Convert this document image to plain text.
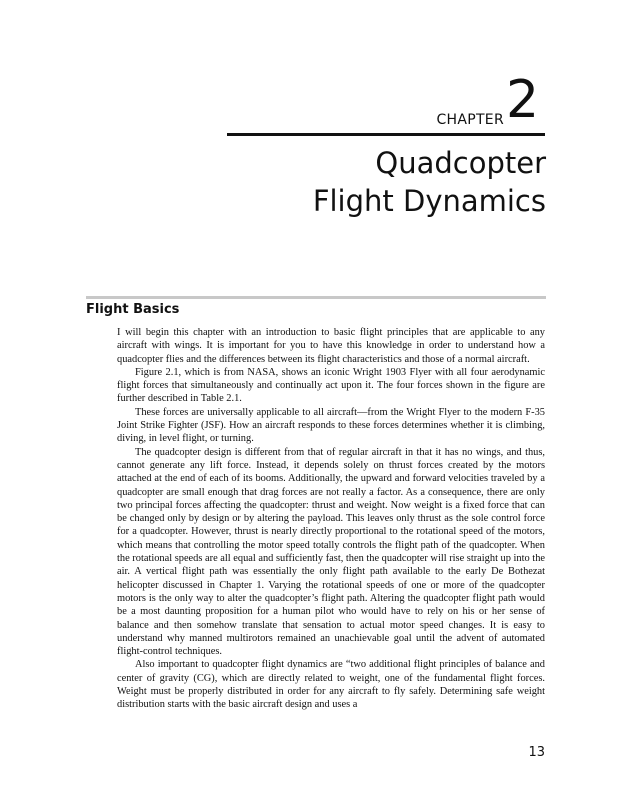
CHAPTER 2
Quadcopter
Flight Dynamics
Flight Basics

I will begin this chapter with an introduction to basic flight principles that are applicable to any aircraft with wings. It is important for you to have this knowledge in order to understand how a quadcopter flies and the differences between its flight characteristics and those of a normal aircraft.

Figure 2.1, which is from NASA, shows an iconic Wright 1903 Flyer with all four aerodynamic flight forces that simultaneously and continually act upon it. The four forces shown in the figure are further described in Table 2.1.

These forces are universally applicable to all aircraft—from the Wright Flyer to the modern F-35 Joint Strike Fighter (JSF). How an aircraft responds to these forces determines whether it is climbing, diving, in level flight, or turning.

The quadcopter design is different from that of regular aircraft in that it has no wings, and thus, cannot generate any lift force. Instead, it depends solely on thrust forces created by the motors attached at the end of each of its booms. Additionally, the upward and forward velocities traveled by a quadcopter are small enough that drag forces are not really a factor. As a consequence, there are only two principal forces affecting the quadcopter: thrust and weight. Now weight is a fixed force that can be changed only by design or by altering the payload. This leaves only thrust as the sole control force for a quadcopter. However, thrust is nearly directly proportional to the rotational speed of the motors, which means that controlling the motor speed totally controls the flight path of the quadcopter. When the rotational speeds are all equal and sufficiently fast, then the quadcopter will rise straight up into the air. A vertical flight path was essentially the only flight path available to the early De Bothezat helicopter discussed in Chapter 1. Varying the rotational speeds of one or more of the quadcopter motors is the only way to alter the quadcopter’s flight path. Altering the quadcopter flight path would be a most daunting proposition for a human pilot who would have to rely on his or her sense of balance and then somehow translate that sensation to actual motor speed changes. It is easy to understand why manned multirotors remained an unachievable goal until the advent of automated flight-control techniques.

Also important to quadcopter flight dynamics are “two additional flight principles of balance and center of gravity (CG), which are directly related to weight, one of the fundamental flight forces. Weight must be properly distributed in order for any aircraft to fly safely. Determining safe weight distribution starts with the basic aircraft design and uses a

13
